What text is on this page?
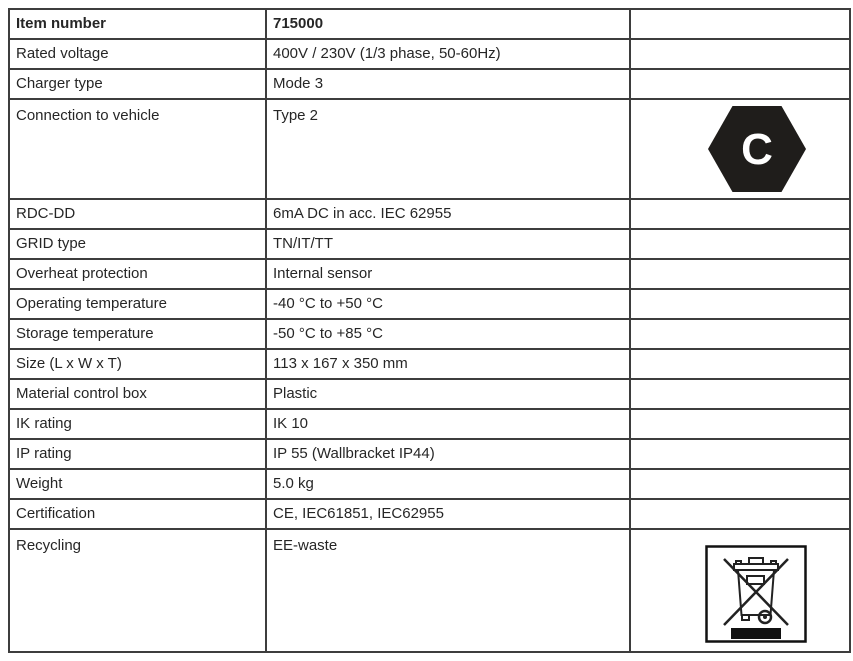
Item number	715000	
Rated voltage	400V / 230V (1/3 phase, 50-60Hz)	
Charger type	Mode 3	
Connection to vehicle	Type 2	C

RDC-DD	6mA DC in acc. IEC 62955	
GRID type	TN/IT/TT	
Overheat protection	Internal sensor	
Operating temperature	-40 °C to +50 °C	
Storage temperature	-50 °C to +85 °C	
Size (L x W x T)	113 x 167 x 350 mm	
Material control box	Plastic	
IK rating	IK 10	
IP rating	IP 55 (Wallbracket IP44)	
Weight	5.0 kg	
Certification	CE, IEC61851, IEC62955	
Recycling	EE-waste	
